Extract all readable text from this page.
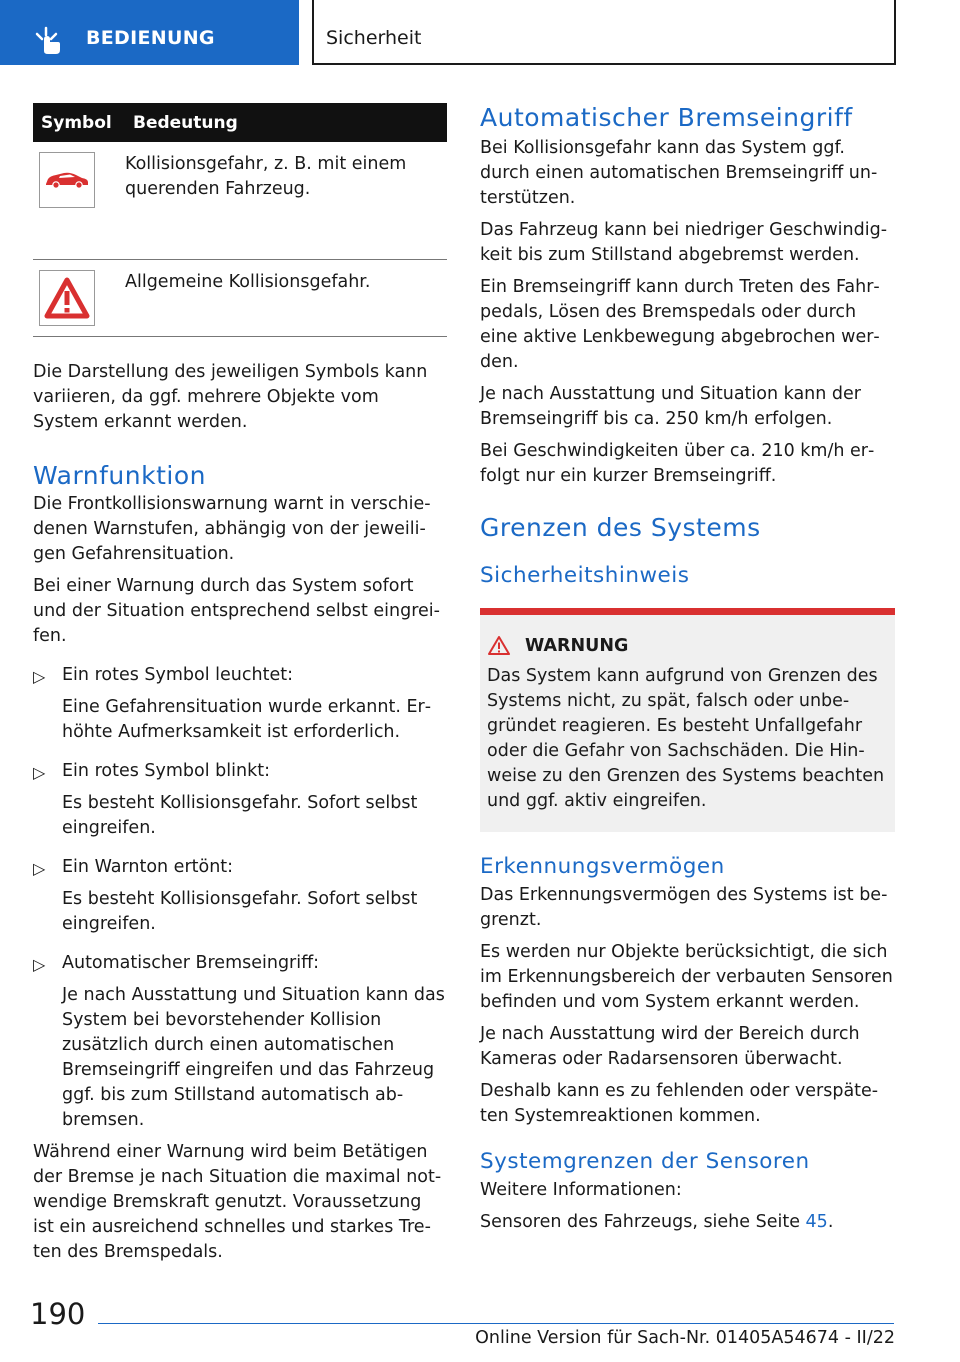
BEDIENUNG	Sicherheit
Symbol	Bedeutung

	Kollisionsgefahr, z. B. mit einem querenden Fahrzeug.

	Allgemeine Kollisionsgefahr.

Die Darstellung des jeweiligen Symbols kann variieren, da ggf. mehrere Objekte vom System erkannt werden.

Warnfunktion

Die Frontkollisionswarnung warnt in verschiedenen Warnstufen, abhängig von der jeweiligen Gefahrensituation.

Bei einer Warnung durch das System sofort und der Situation entsprechend selbst eingreifen.

▷ Ein rotes Symbol leuchtet:

Eine Gefahrensituation wurde erkannt. Erhöhte Aufmerksamkeit ist erforderlich.

▷ Ein rotes Symbol blinkt:

Es besteht Kollisionsgefahr. Sofort selbst eingreifen.

▷ Ein Warnton ertönt:

Es besteht Kollisionsgefahr. Sofort selbst eingreifen.

▷ Automatischer Bremseingriff:

Je nach Ausstattung und Situation kann das System bei bevorstehender Kollision zusätzlich durch einen automatischen Bremseingriff eingreifen und das Fahrzeug ggf. bis zum Stillstand automatisch abbremsen.

Während einer Warnung wird beim Betätigen der Bremse je nach Situation die maximal notwendige Bremskraft genutzt. Voraussetzung ist ein ausreichend schnelles und starkes Treten des Bremspedals.

Automatischer Bremseingriff

Bei Kollisionsgefahr kann das System ggf. durch einen automatischen Bremseingriff unterstützen.

Das Fahrzeug kann bei niedriger Geschwindigkeit bis zum Stillstand abgebremst werden.

Ein Bremseingriff kann durch Treten des Fahrpedals, Lösen des Bremspedals oder durch eine aktive Lenkbewegung abgebrochen werden.

Je nach Ausstattung und Situation kann der Bremseingriff bis ca. 250 km/h erfolgen.

Bei Geschwindigkeiten über ca. 210 km/h erfolgt nur ein kurzer Bremseingriff.

Grenzen des Systems
Sicherheitshinweis
WARNUNG

Das System kann aufgrund von Grenzen des Systems nicht, zu spät, falsch oder unbegründet reagieren. Es besteht Unfallgefahr oder die Gefahr von Sachschäden. Die Hinweise zu den Grenzen des Systems beachten und ggf. aktiv eingreifen.

Erkennungsvermögen

Das Erkennungsvermögen des Systems ist begrenzt.

Es werden nur Objekte berücksichtigt, die sich im Erkennungsbereich der verbauten Sensoren befinden und vom System erkannt werden.

Je nach Ausstattung wird der Bereich durch Kameras oder Radarsensoren überwacht.

Deshalb kann es zu fehlenden oder verspäteten Systemreaktionen kommen.

Systemgrenzen der Sensoren

Weitere Informationen:

Sensoren des Fahrzeugs, siehe Seite 45.

190
Online Version für Sach-Nr. 01405A54674 - II/22
